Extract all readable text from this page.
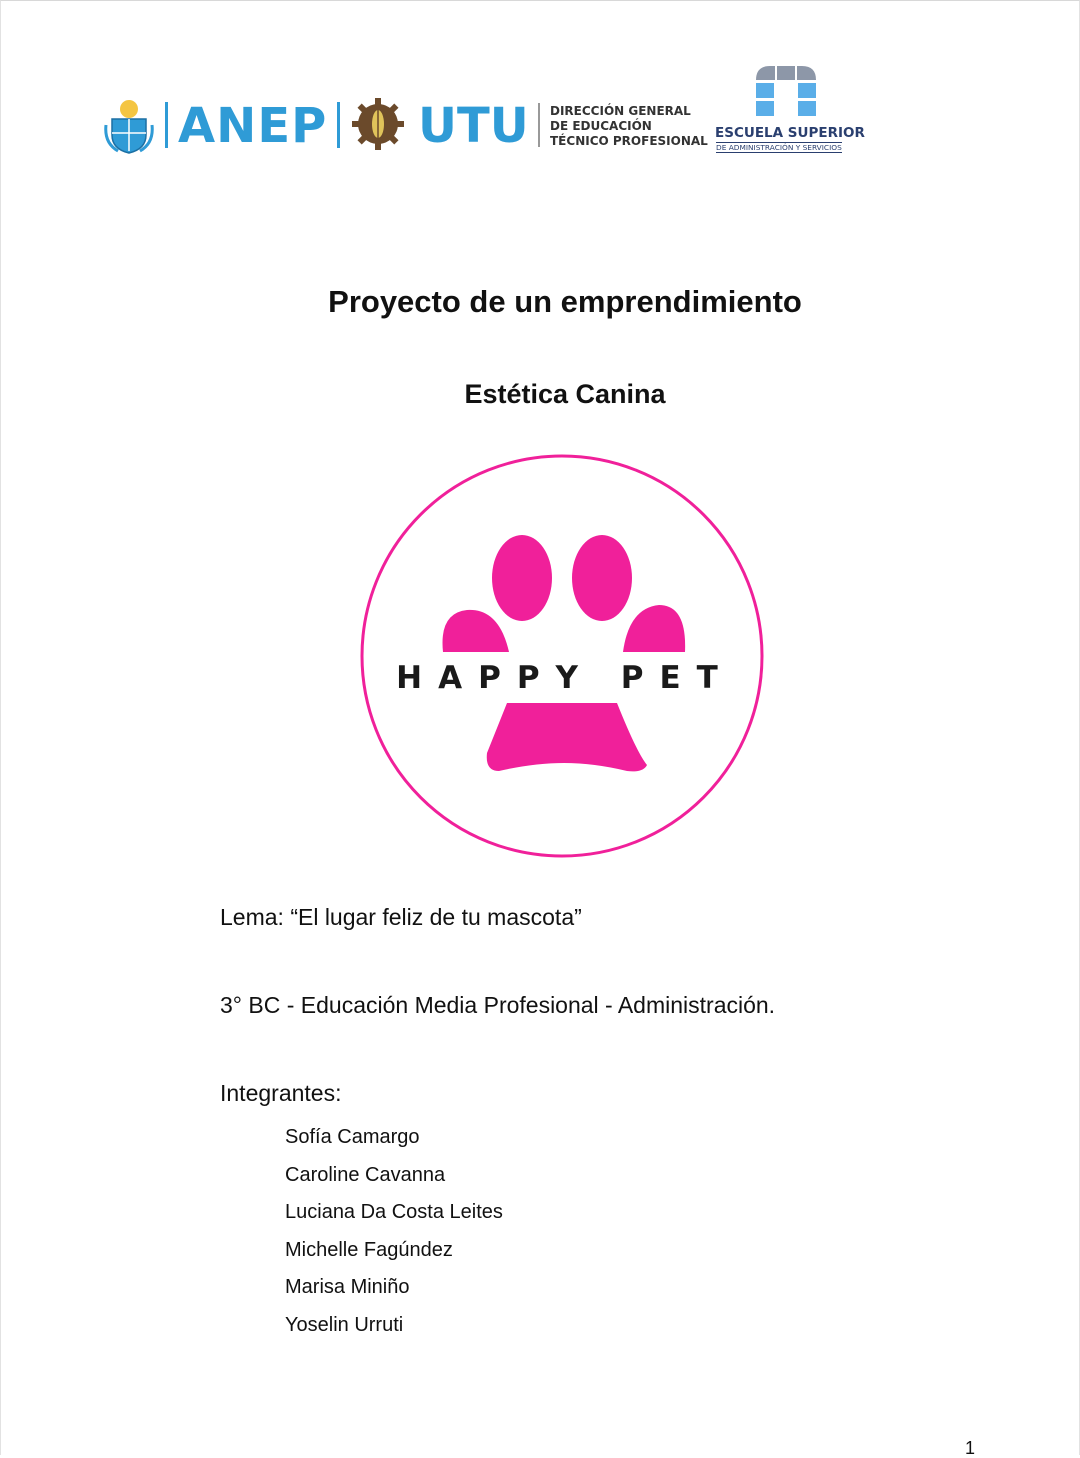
ANEP UTU DIRECCIÓN GENERAL
DE EDUCACIÓN
TÉCNICO PROFESIONAL ESCUELA SUPERIOR
DE ADMINISTRACIÓN Y SERVICIOS
Proyecto de un emprendimiento
Estética Canina
HAPPY PET
Lema: “El lugar feliz de tu mascota”
3° BC - Educación Media Profesional - Administración.
Integrantes:
Sofía Camargo
Caroline Cavanna
Luciana Da Costa Leites
Michelle Fagúndez
Marisa Miniño
Yoselin Urruti
1
